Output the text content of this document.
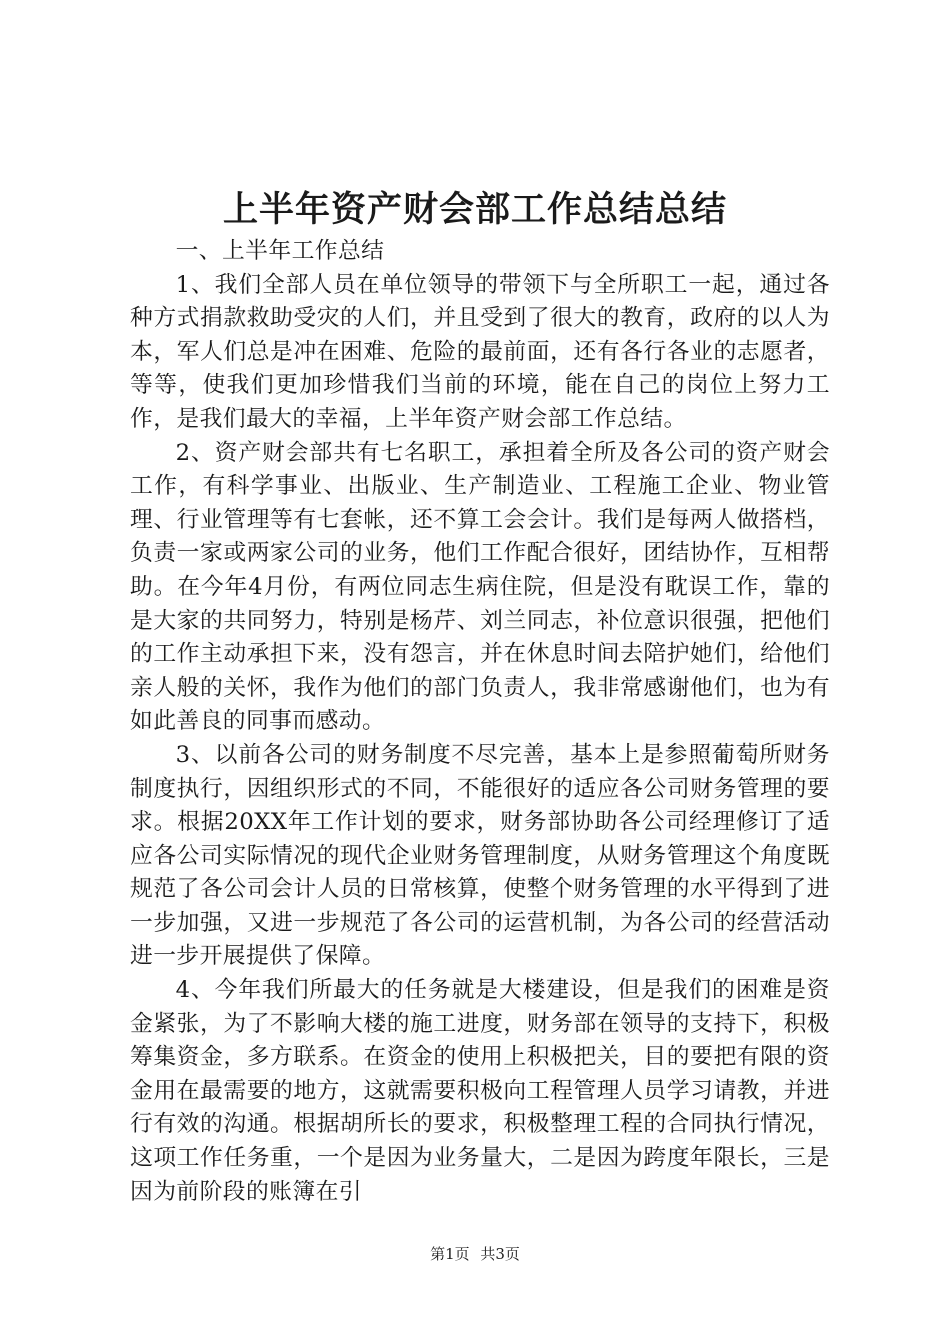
上半年资产财会部工作总结总结

一、上半年工作总结

1、我们全部人员在单位领导的带领下与全所职工一起，通过各种方式捐款救助受灾的人们，并且受到了很大的教育，政府的以人为本，军人们总是冲在困难、危险的最前面，还有各行各业的志愿者，等等，使我们更加珍惜我们当前的环境，能在自己的岗位上努力工作，是我们最大的幸福，上半年资产财会部工作总结。

2、资产财会部共有七名职工，承担着全所及各公司的资产财会工作，有科学事业、出版业、生产制造业、工程施工企业、物业管理、行业管理等有七套帐，还不算工会会计。我们是每两人做搭档，负责一家或两家公司的业务，他们工作配合很好，团结协作，互相帮助。在今年4月份，有两位同志生病住院，但是没有耽误工作，靠的是大家的共同努力，特别是杨芹、刘兰同志，补位意识很强，把他们的工作主动承担下来，没有怨言，并在休息时间去陪护她们，给他们亲人般的关怀，我作为他们的部门负责人，我非常感谢他们，也为有如此善良的同事而感动。

3、以前各公司的财务制度不尽完善，基本上是参照葡萄所财务制度执行，因组织形式的不同，不能很好的适应各公司财务管理的要求。根据20XX年工作计划的要求，财务部协助各公司经理修订了适应各公司实际情况的现代企业财务管理制度，从财务管理这个角度既规范了各公司会计人员的日常核算，使整个财务管理的水平得到了进一步加强，又进一步规范了各公司的运营机制，为各公司的经营活动进一步开展提供了保障。

4、今年我们所最大的任务就是大楼建设，但是我们的困难是资金紧张，为了不影响大楼的施工进度，财务部在领导的支持下，积极筹集资金，多方联系。在资金的使用上积极把关，目的要把有限的资金用在最需要的地方，这就需要积极向工程管理人员学习请教，并进行有效的沟通。根据胡所长的要求，积极整理工程的合同执行情况，这项工作任务重，一个是因为业务量大，二是因为跨度年限长，三是因为前阶段的账簿在引

第1页 共3页
